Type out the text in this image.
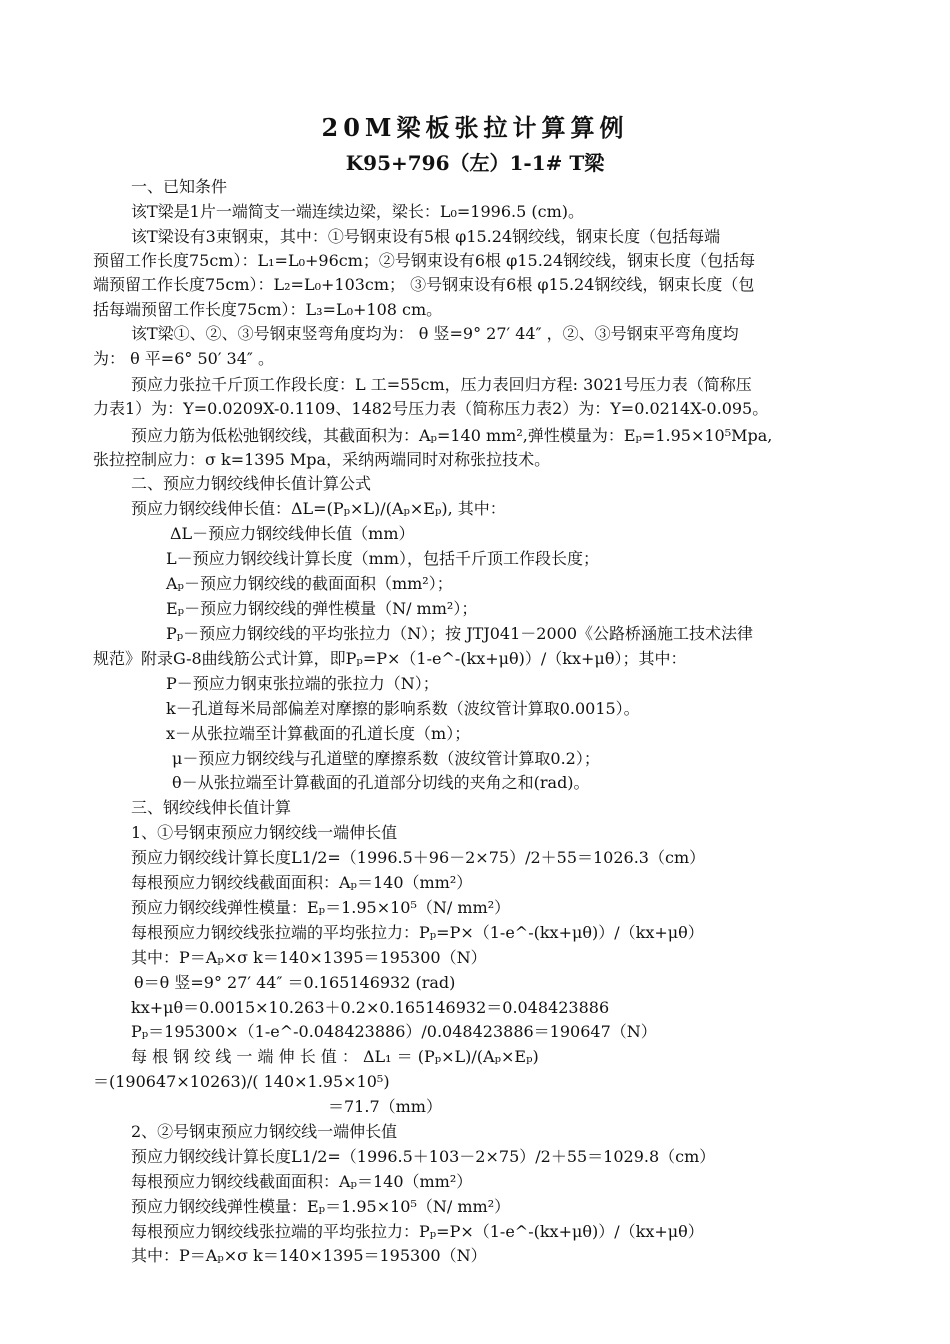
20M梁板张拉计算算例
K95+796（左）1-1# T梁
一、已知条件
该T梁是1片一端简支一端连续边梁，梁长：L₀=1996.5 (cm)。
该T梁设有3束钢束，其中：①号钢束设有5根 φ15.24钢绞线，钢束长度（包括每端
预留工作长度75cm）：L₁=L₀+96cm；②号钢束设有6根 φ15.24钢绞线，钢束长度（包括每
端预留工作长度75cm）：L₂=L₀+103cm； ③号钢束设有6根 φ15.24钢绞线，钢束长度（包
括每端预留工作长度75cm）：L₃=L₀+108 cm。
该T梁①、②、③号钢束竖弯角度均为： θ 竖=9° 27′ 44″ ，②、③号钢束平弯角度均
为： θ 平=6° 50′ 34″ 。
预应力张拉千斤顶工作段长度：L 工=55cm，压力表回归方程: 3021号压力表（简称压
力表1）为：Y=0.0209X-0.1109、1482号压力表（简称压力表2）为：Y=0.0214X-0.095。
预应力筋为低松弛钢绞线，其截面积为：Aₚ=140 mm²,弹性模量为：Eₚ=1.95×10⁵Mpa,
张拉控制应力：σ k=1395 Mpa，采纳两端同时对称张拉技术。
二、预应力钢绞线伸长值计算公式
预应力钢绞线伸长值：ΔL=(Pₚ×L)/(Aₚ×Eₚ), 其中：
ΔL－预应力钢绞线伸长值（mm）
L－预应力钢绞线计算长度（mm），包括千斤顶工作段长度；
Aₚ－预应力钢绞线的截面面积（mm²）；
Eₚ－预应力钢绞线的弹性模量（N/ mm²）；
Pₚ－预应力钢绞线的平均张拉力（N）；按 JTJ041－2000《公路桥涵施工技术法律
规范》附录G-8曲线筋公式计算，即Pₚ=P×（1-e^-(kx+μθ)）/（kx+μθ）；其中：
P－预应力钢束张拉端的张拉力（N）；
k－孔道每米局部偏差对摩擦的影响系数（波纹管计算取0.0015）。
x－从张拉端至计算截面的孔道长度（m）；
μ－预应力钢绞线与孔道壁的摩擦系数（波纹管计算取0.2）；
θ－从张拉端至计算截面的孔道部分切线的夹角之和(rad)。
三、钢绞线伸长值计算
1、①号钢束预应力钢绞线一端伸长值
预应力钢绞线计算长度L1/2=（1996.5＋96－2×75）/2＋55＝1026.3（cm）
每根预应力钢绞线截面面积：Aₚ＝140（mm²）
预应力钢绞线弹性模量：Eₚ＝1.95×10⁵（N/ mm²）
每根预应力钢绞线张拉端的平均张拉力：Pₚ=P×（1-e^-(kx+μθ)）/（kx+μθ）
其中：P＝Aₚ×σ k＝140×1395＝195300（N）
θ＝θ 竖=9° 27′ 44″ ＝0.165146932 (rad)
kx+μθ＝0.0015×10.263＋0.2×0.165146932＝0.048423886
Pₚ＝195300×（1-e^-0.048423886）/0.048423886＝190647（N）
每 根 钢 绞 线 一 端 伸 长 值 ： ΔL₁ ＝ (Pₚ×L)/(Aₚ×Eₚ)
＝(190647×10263)/( 140×1.95×10⁵)
＝71.7（mm）
2、②号钢束预应力钢绞线一端伸长值
预应力钢绞线计算长度L1/2=（1996.5＋103－2×75）/2＋55＝1029.8（cm）
每根预应力钢绞线截面面积：Aₚ＝140（mm²）
预应力钢绞线弹性模量：Eₚ＝1.95×10⁵（N/ mm²）
每根预应力钢绞线张拉端的平均张拉力：Pₚ=P×（1-e^-(kx+μθ)）/（kx+μθ）
其中：P＝Aₚ×σ k＝140×1395＝195300（N）
